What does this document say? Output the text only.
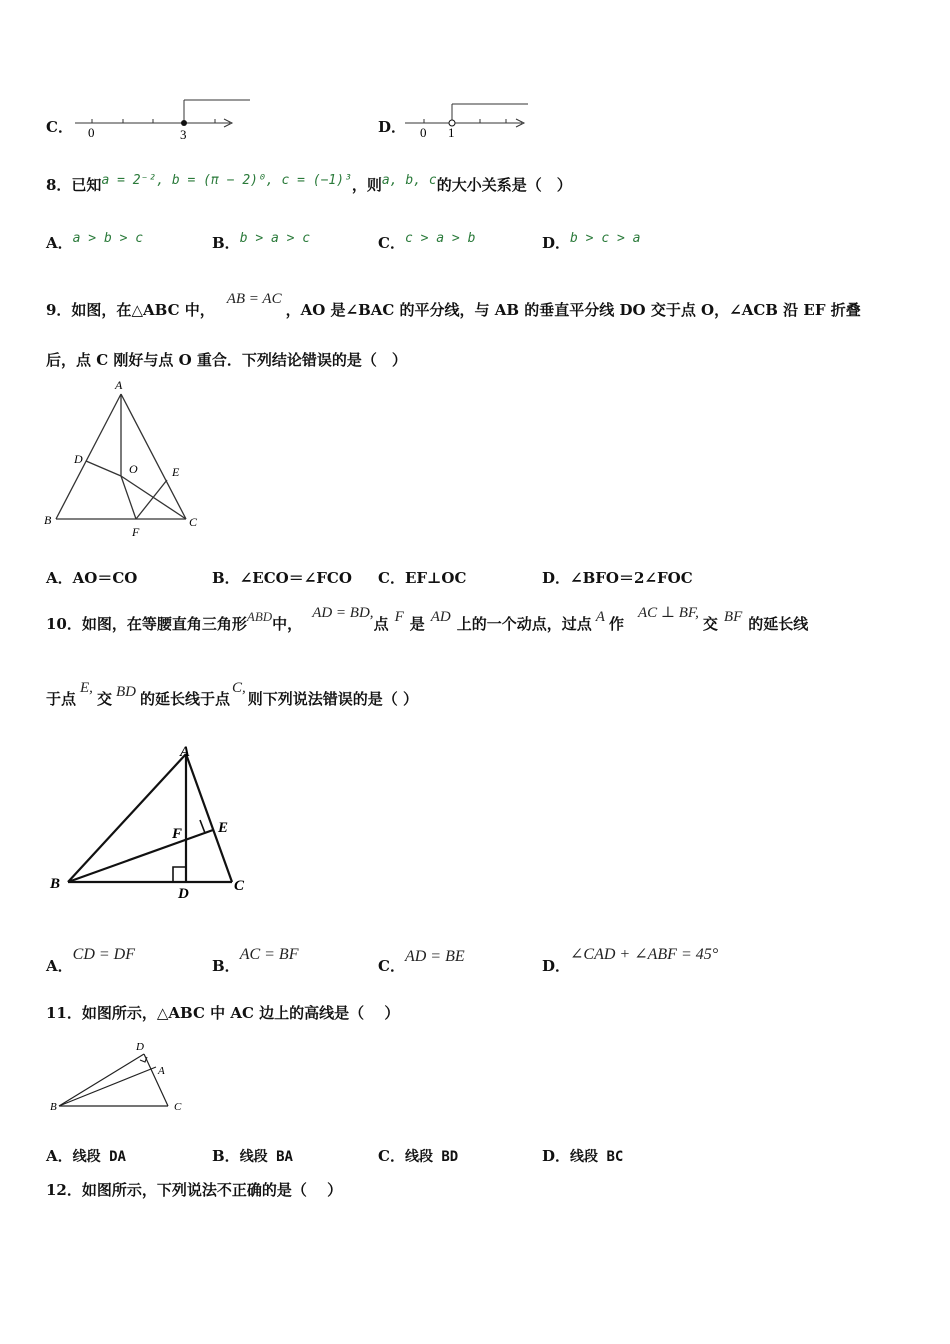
C． 0	3	D． 0 1
8．已知a = 2⁻², b = (π − 2)⁰, c = (−1)³，则a, b, c的大小关系是（　）
A．a > b > c	B．b > a > c	C．c > a > b	D．b > c > a
9．如图，在△ABC 中，AB = AC，AO 是∠BAC 的平分线，与 AB 的垂直平分线 DO 交于点 O，∠ACB 沿 EF 折叠
后，点 C 刚好与点 O 重合．下列结论错误的是（　）
A
B	C
D
O	E
F
A．AO＝CO	B．∠ECO＝∠FCO C．EF⊥OC	D．∠BFO＝2∠FOC
10．如图，在等腰直角三角形ABD中，AD = BD,点 F 是 AD 上的一个动点，过点 A 作AC ⊥ BF,交 BF 的延长线
于点E,交 BD 的延长线于点C,则下列说法错误的是（ ）
A
B	C
D
E
F
A．CD = DF
B．AC = BF
C．AD = BE
D．∠CAD + ∠ABF = 45°
11．如图所示，△ABC 中 AC 边上的高线是（　 ）
D
A
B	C
A．线段 DA	B．线段 BA	C．线段 BD	D．线段 BC
12．如图所示，下列说法不正确的是（　 ）
